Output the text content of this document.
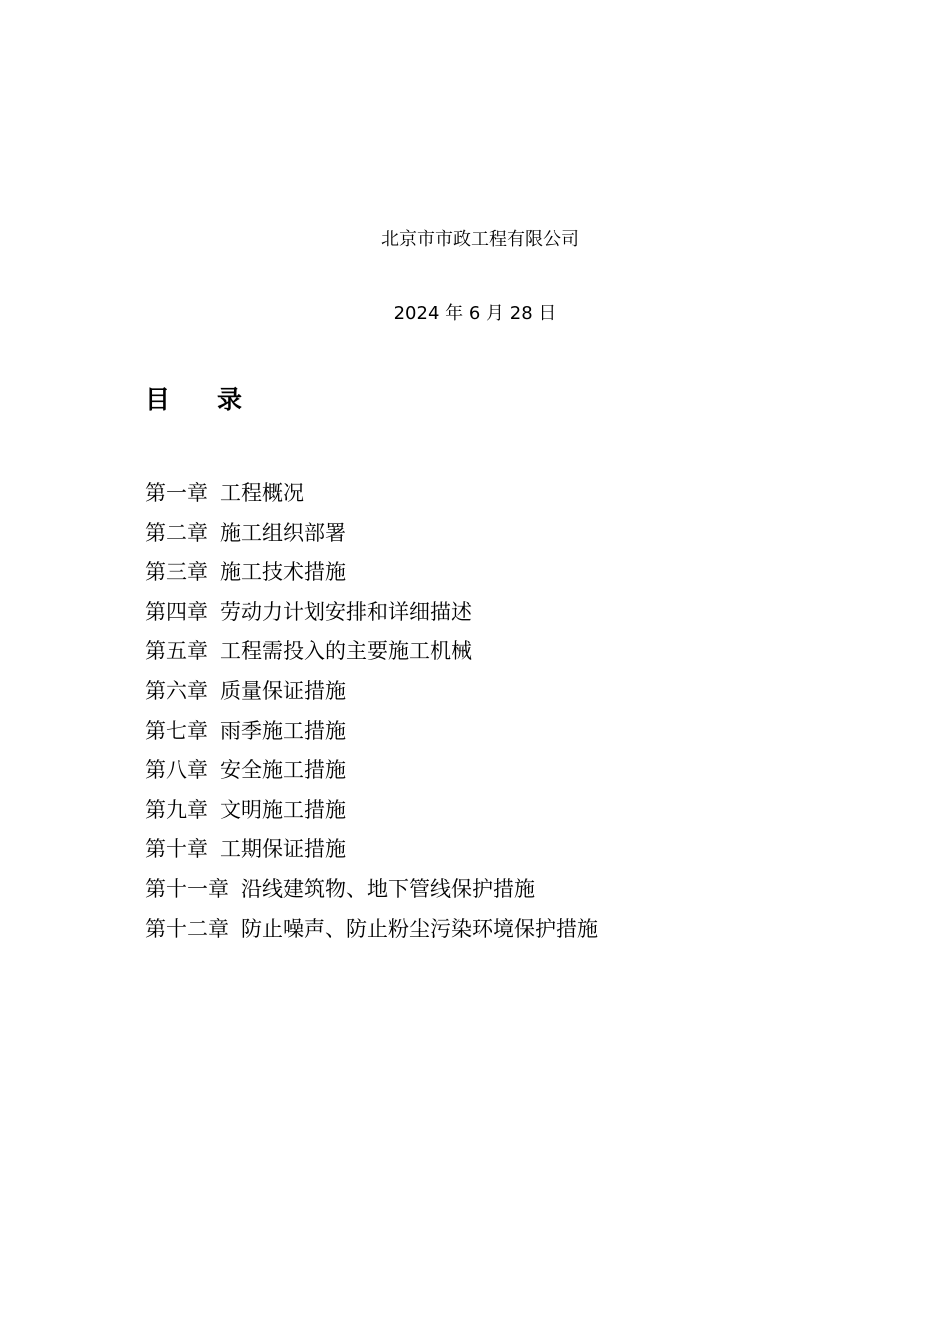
北京市市政工程有限公司
2024 年 6 月 28 日
目 录
第一章 工程概况
第二章 施工组织部署
第三章 施工技术措施
第四章 劳动力计划安排和详细描述
第五章 工程需投入的主要施工机械
第六章 质量保证措施
第七章 雨季施工措施
第八章 安全施工措施
第九章 文明施工措施
第十章 工期保证措施
第十一章 沿线建筑物、地下管线保护措施
第十二章 防止噪声、防止粉尘污染环境保护措施
